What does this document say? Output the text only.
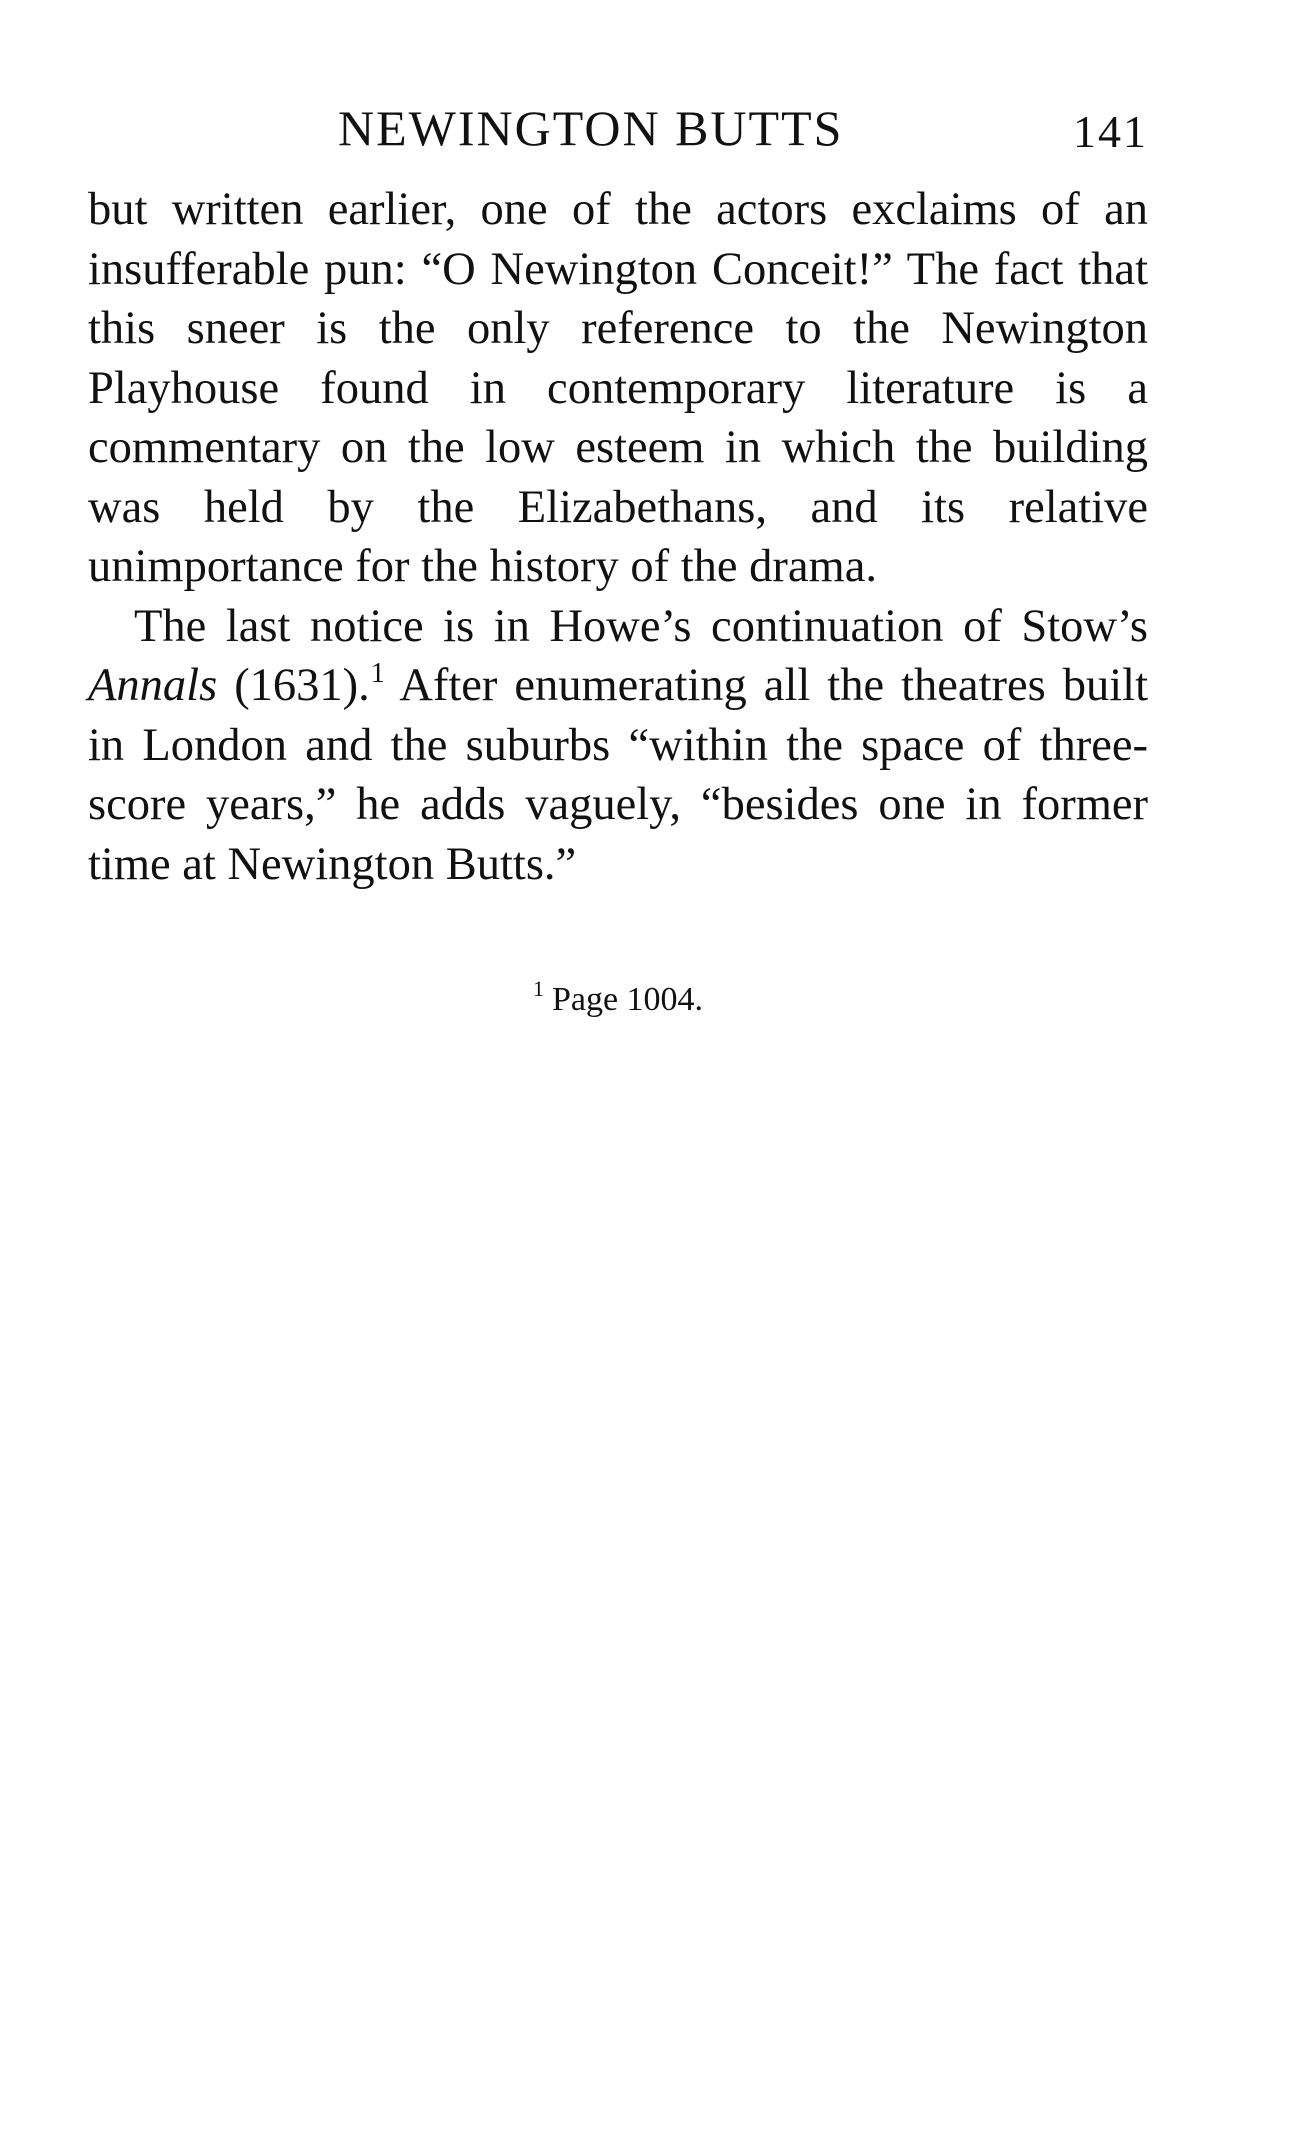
NEWINGTON BUTTS	141

but written earlier, one of the actors exclaims of an insufferable pun: “O Newington Conceit!” The fact that this sneer is the only reference to the Newington Playhouse found in contemporary literature is a commentary on the low esteem in which the building was held by the Elizabethans, and its relative unimportance for the history of the drama.

The last notice is in Howe’s continuation of Stow’s Annals (1631).$^1$ After enumerating all the theatres built in London and the suburbs “within the space of three-score years,” he adds vaguely, “besides one in former time at Newington Butts.”

$^1$ Page 1004.
